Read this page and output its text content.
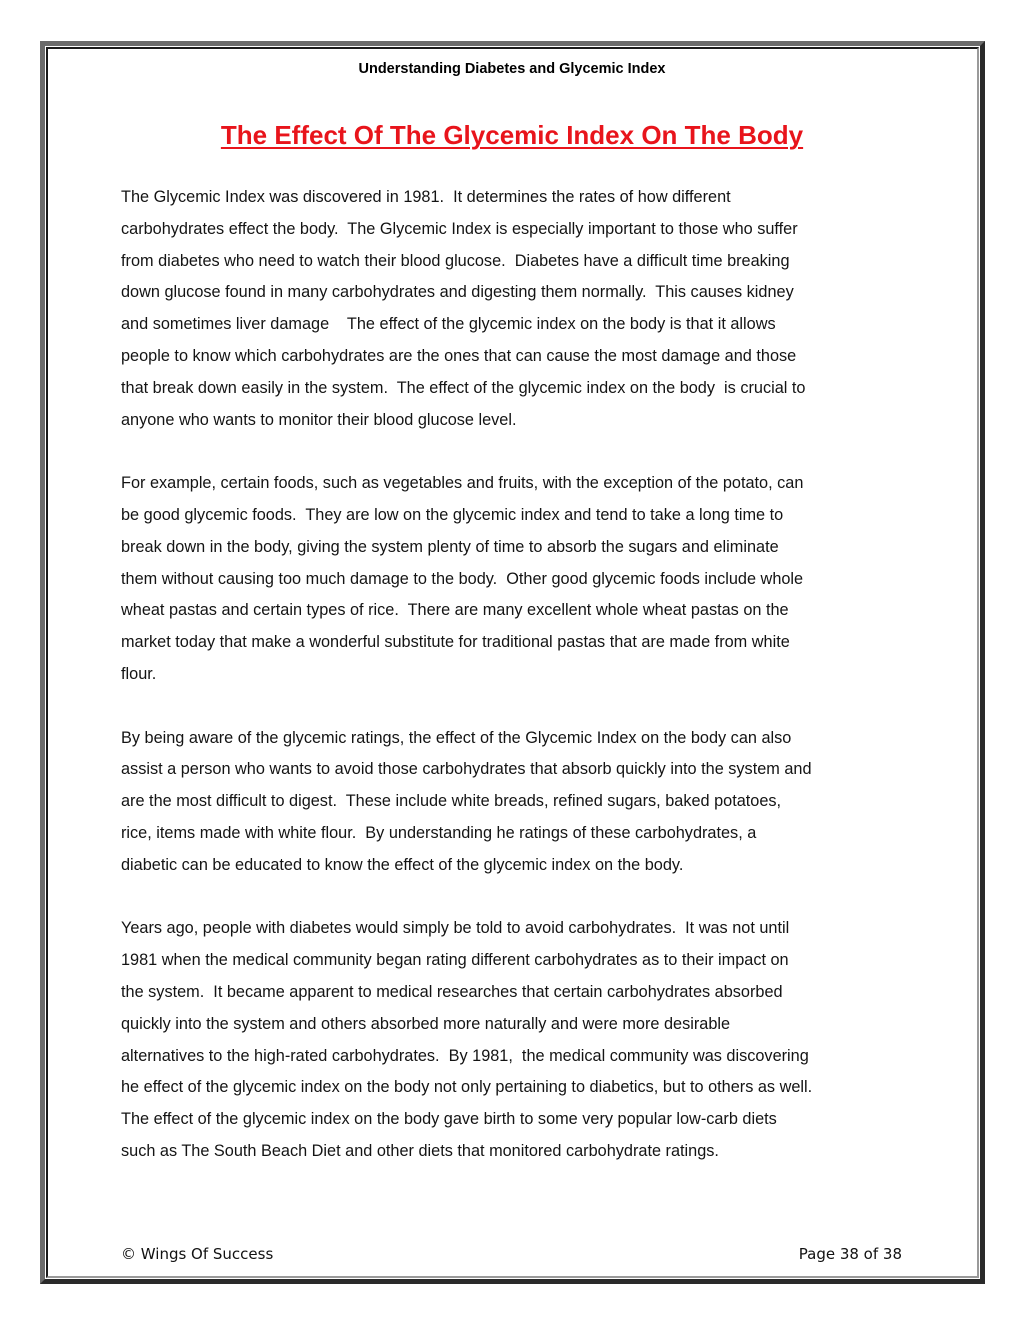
Understanding Diabetes and Glycemic Index
The Effect Of The Glycemic Index On The Body

The Glycemic Index was discovered in 1981.  It determines the rates of how different
carbohydrates effect the body.  The Glycemic Index is especially important to those who suffer
from diabetes who need to watch their blood glucose.  Diabetes have a difficult time breaking
down glucose found in many carbohydrates and digesting them normally.  This causes kidney
and sometimes liver damage    The effect of the glycemic index on the body is that it allows
people to know which carbohydrates are the ones that can cause the most damage and those
that break down easily in the system.  The effect of the glycemic index on the body  is crucial to
anyone who wants to monitor their blood glucose level.

For example, certain foods, such as vegetables and fruits, with the exception of the potato, can
be good glycemic foods.  They are low on the glycemic index and tend to take a long time to
break down in the body, giving the system plenty of time to absorb the sugars and eliminate
them without causing too much damage to the body.  Other good glycemic foods include whole
wheat pastas and certain types of rice.  There are many excellent whole wheat pastas on the
market today that make a wonderful substitute for traditional pastas that are made from white
flour.

By being aware of the glycemic ratings, the effect of the Glycemic Index on the body can also
assist a person who wants to avoid those carbohydrates that absorb quickly into the system and
are the most difficult to digest.  These include white breads, refined sugars, baked potatoes,
rice, items made with white flour.  By understanding he ratings of these carbohydrates, a
diabetic can be educated to know the effect of the glycemic index on the body.

Years ago, people with diabetes would simply be told to avoid carbohydrates.  It was not until
1981 when the medical community began rating different carbohydrates as to their impact on
the system.  It became apparent to medical researches that certain carbohydrates absorbed
quickly into the system and others absorbed more naturally and were more desirable
alternatives to the high-rated carbohydrates.  By 1981,  the medical community was discovering
he effect of the glycemic index on the body not only pertaining to diabetics, but to others as well.
The effect of the glycemic index on the body gave birth to some very popular low-carb diets
such as The South Beach Diet and other diets that monitored carbohydrate ratings.

© Wings Of Success	Page 38 of 38
